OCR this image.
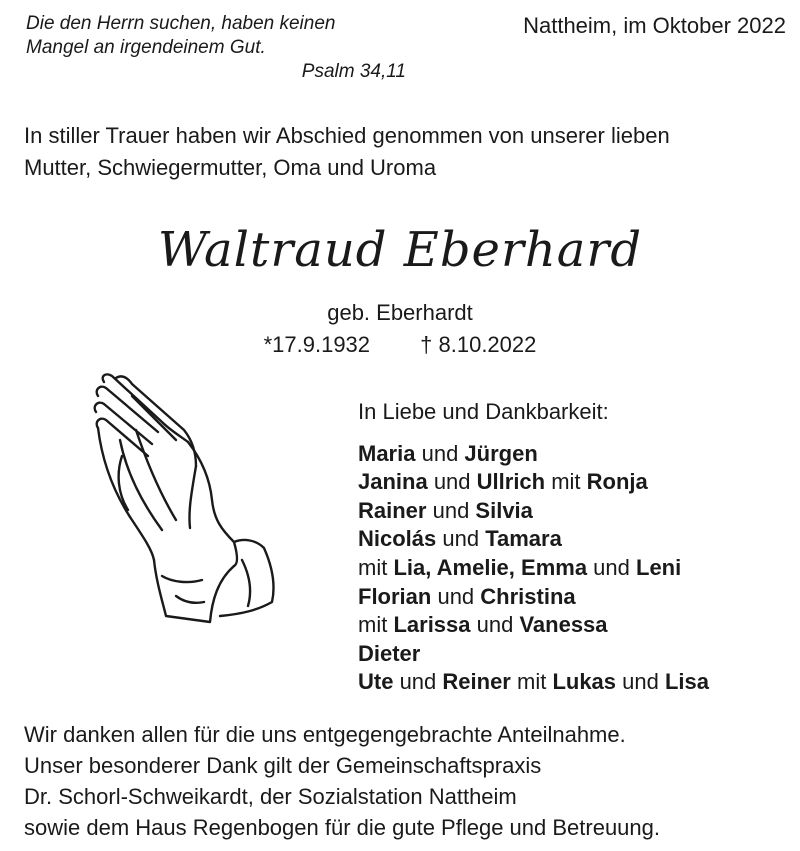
Die den Herrn suchen, haben keinen
Mangel an irgendeinem Gut.
Psalm 34,11
Nattheim, im Oktober 2022
In stiller Trauer haben wir Abschied genommen von unserer lieben
Mutter, Schwiegermutter, Oma und Uroma
Waltraud Eberhard
geb. Eberhardt
*17.9.1932 † 8.10.2022
In Liebe und Dankbarkeit:
Maria und Jürgen
Janina und Ullrich mit Ronja
Rainer und Silvia
Nicolás und Tamara
mit Lia, Amelie, Emma und Leni
Florian und Christina
mit Larissa und Vanessa
Dieter
Ute und Reiner mit Lukas und Lisa
Wir danken allen für die uns entgegengebrachte Anteilnahme.
Unser besonderer Dank gilt der Gemeinschaftspraxis
Dr. Schorl-Schweikardt, der Sozialstation Nattheim
sowie dem Haus Regenbogen für die gute Pflege und Betreuung.
